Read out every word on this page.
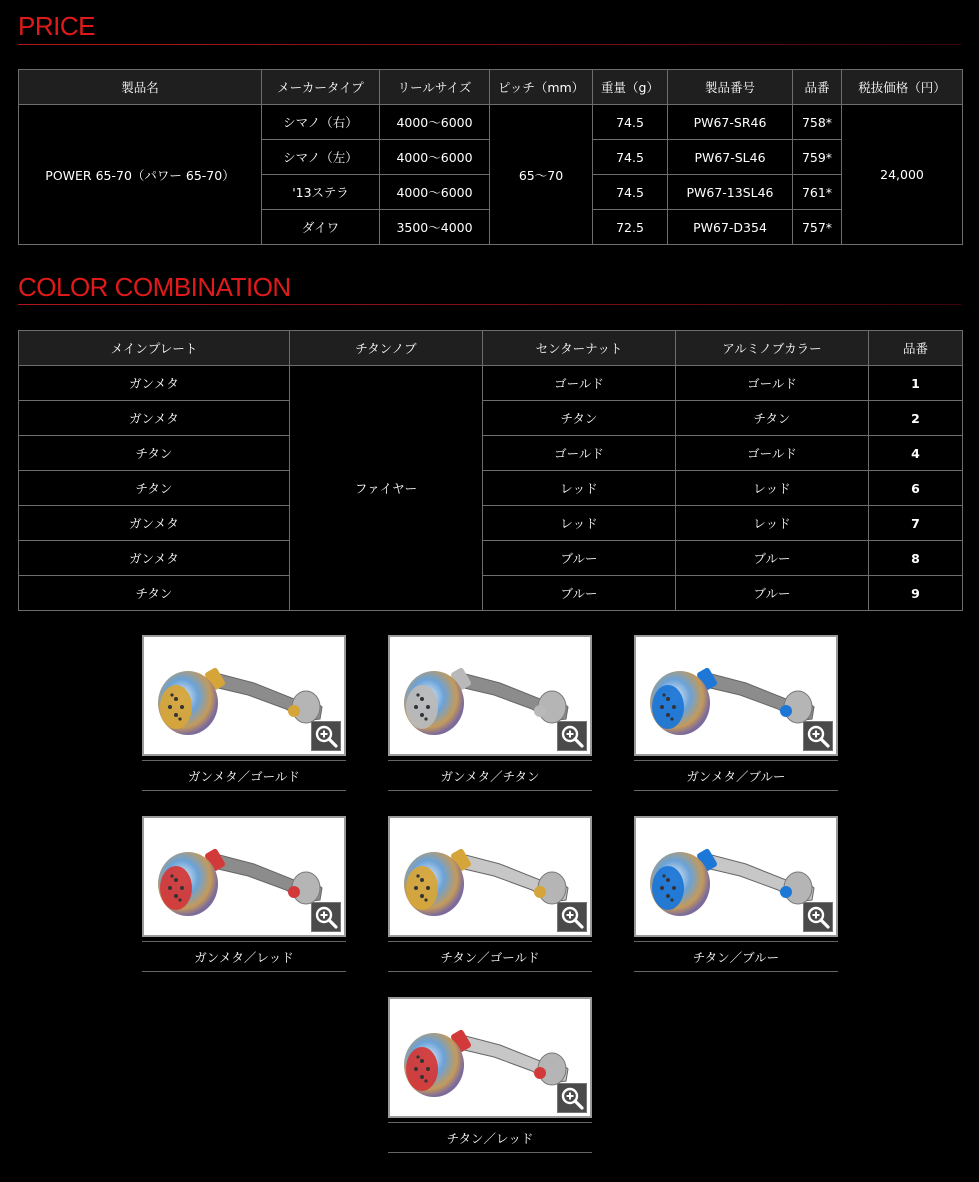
PRICE
製品名	メーカータイプ	リールサイズ	ピッチ（mm）	重量（g）	製品番号	品番	税抜価格（円）
POWER 65-70（パワー 65-70）	シマノ（右）	4000〜6000	65〜70	74.5	PW67-SR46	758*	24,000
	シマノ（左）	4000〜6000		74.5	PW67-SL46	759*	
	'13ステラ	4000〜6000		74.5	PW67-13SL46	761*	
	ダイワ	3500〜4000		72.5	PW67-D354	757*	
COLOR COMBINATION
メインプレート	チタンノブ	センターナット	アルミノブカラー	品番
ガンメタ	ファイヤー	ゴールド	ゴールド	1
ガンメタ		チタン	チタン	2
チタン		ゴールド	ゴールド	4
チタン		レッド	レッド	6
ガンメタ		レッド	レッド	7
ガンメタ		ブルー	ブルー	8
チタン		ブルー	ブルー	9
ガンメタ／ゴールド	ガンメタ／チタン	ガンメタ／ブルー
ガンメタ／レッド	チタン／ゴールド	チタン／ブルー
チタン／レッド
